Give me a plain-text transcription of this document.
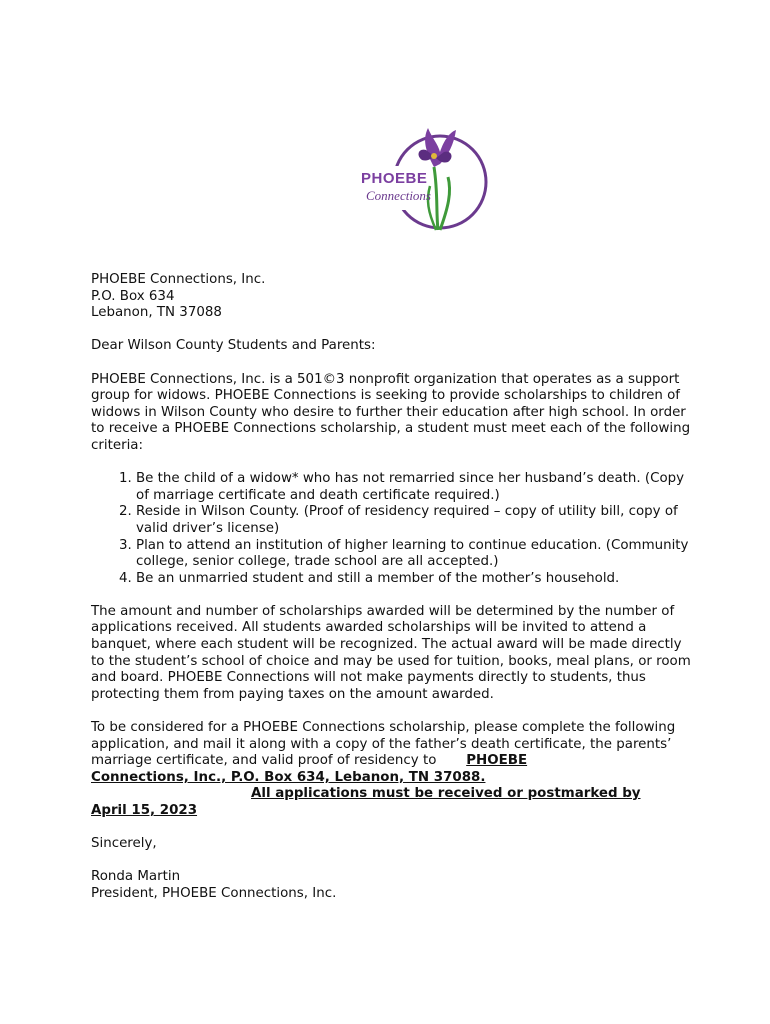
PHOEBE
Connections

PHOEBE Connections, Inc.
P.O. Box 634
Lebanon, TN 37088

Dear Wilson County Students and Parents:

PHOEBE Connections, Inc. is a 501©3 nonprofit organization that operates as a support group for widows. PHOEBE Connections is seeking to provide scholarships to children of widows in Wilson County who desire to further their education after high school. In order to receive a PHOEBE Connections scholarship, a student must meet each of the following criteria:

1. Be the child of a widow* who has not remarried since her husband’s death. (Copy of marriage certificate and death certificate required.)
2. Reside in Wilson County. (Proof of residency required – copy of utility bill, copy of valid driver’s license)
3. Plan to attend an institution of higher learning to continue education. (Community college, senior college, trade school are all accepted.)
4. Be an unmarried student and still a member of the mother’s household.

The amount and number of scholarships awarded will be determined by the number of applications received. All students awarded scholarships will be invited to attend a banquet, where each student will be recognized. The actual award will be made directly to the student’s school of choice and may be used for tuition, books, meal plans, or room and board. PHOEBE Connections will not make payments directly to students, thus protecting them from paying taxes on the amount awarded.

To be considered for a PHOEBE Connections scholarship, please complete the following application, and mail it along with a copy of the father’s death certificate, the parents’ marriage certificate, and valid proof of residency to PHOEBE
Connections, Inc., P.O. Box 634, Lebanon, TN 37088.
All applications must be received or postmarked by
April 15, 2023

Sincerely,

Ronda Martin
President, PHOEBE Connections, Inc.
